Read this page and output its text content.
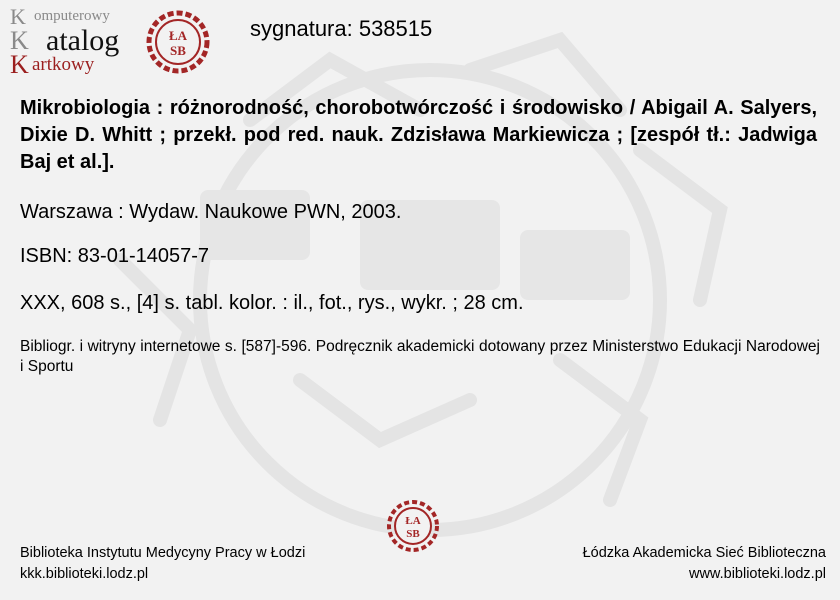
K omputerowy
K atalog
K artkowy
ŁA
SB
sygnatura: 538515
Mikrobiologia : różnorodność, chorobotwórczość i środowisko / Abigail A. Salyers, Dixie D. Whitt ; przekł. pod red. nauk. Zdzisława Markiewicza ; [zespół tł.: Jadwiga Baj et al.].
Warszawa : Wydaw. Naukowe PWN, 2003.
ISBN: 83-01-14057-7
XXX, 608 s., [4] s. tabl. kolor. : il., fot., rys., wykr. ; 28 cm.
Bibliogr. i witryny internetowe s. [587]-596. Podręcznik akademicki dotowany przez Ministerstwo Edukacji Narodowej i Sportu
ŁA
SB
Biblioteka Instytutu Medycyny Pracy w Łodzi
kkk.biblioteki.lodz.pl
Łódzka Akademicka Sieć Biblioteczna
www.biblioteki.lodz.pl
